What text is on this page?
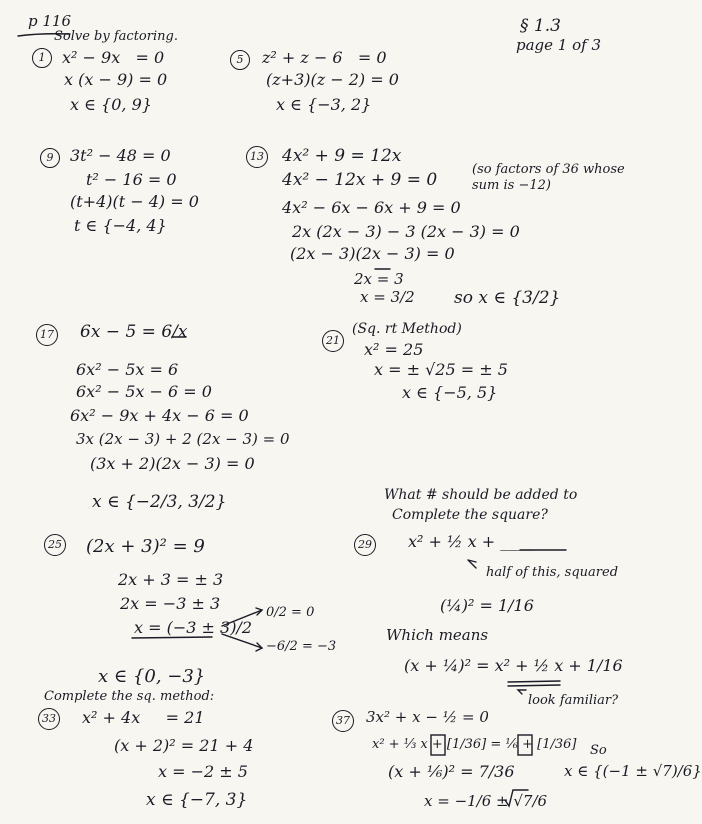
p 116
Solve by factoring.
§ 1.3
page 1 of 3
1	x² − 9x   = 0
x (x − 9) = 0
x ∈ {0, 9}
5	z² + z − 6   = 0
(z+3)(z − 2) = 0
x ∈ {−3, 2}
9	3t² − 48 = 0
t² − 16 = 0
(t+4)(t − 4) = 0
t ∈ {−4, 4}
13 4x² + 9 = 12x
4x² − 12x + 9 = 0
(so factors of 36 whose sum is −12)
4x² − 6x − 6x + 9 = 0
2x (2x − 3) − 3 (2x − 3) = 0
(2x − 3)(2x − 3) = 0
2x = 3
x = 3/2 so x ∈ {3/2}
17 6x − 5 = 6/x
6x² − 5x = 6
6x² − 5x − 6 = 0
6x² − 9x + 4x − 6 = 0
3x (2x − 3) + 2 (2x − 3) = 0
(3x + 2)(2x − 3) = 0
x ∈ {−2/3, 3/2}
21
(Sq. rt Method)
x² = 25
x = ± √25 = ± 5
x ∈ {−5, 5}
25 (2x + 3)² = 9
2x + 3 = ± 3
2x = −3 ± 3
x = (−3 ± 3)/2
0/2 = 0
−6/2 = −3
x ∈ {0, −3}
What # should be added to
Complete the square?
29 x² + ½ x + ____
half of this, squared
(¼)² = 1/16
Which means
(x + ¼)² = x² + ½ x + 1/16
look familiar?
Complete the sq. method:
33 x² + 4x     = 21
(x + 2)² = 21 + 4
x = −2 ± 5
x ∈ {−7, 3}
37 3x² + x − ½ = 0
x² + ⅓ x + [1/36] = ⅙ + [1/36]
(x + ⅙)² = 7/36
x = −1/6 ± √7/6
So
x ∈ {(−1 ± √7)/6}
